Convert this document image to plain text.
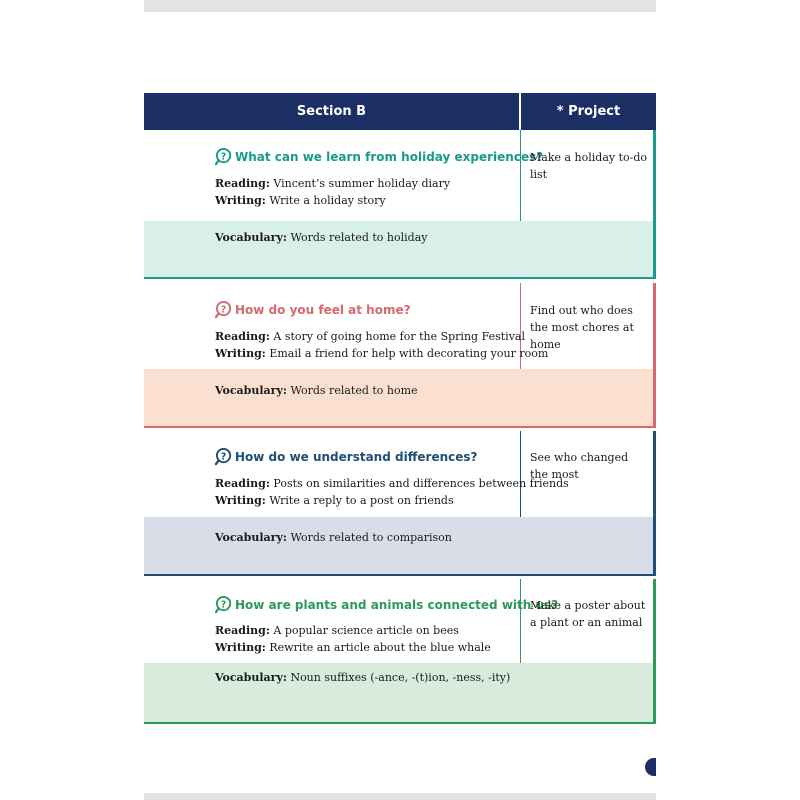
Section B	* Project
? What can we learn from holiday experiences?
Reading: Vincent’s summer holiday diary
Writing: Write a holiday story
Vocabulary: Words related to holiday
Make a holiday to-do list
? How do you feel at home?
Reading: A story of going home for the Spring Festival
Writing: Email a friend for help with decorating your room
Vocabulary: Words related to home
Find out who does the most chores at home
? How do we understand differences?
Reading: Posts on similarities and differences between friends
Writing: Write a reply to a post on friends
Vocabulary: Words related to comparison
See who changed the most
? How are plants and animals connected with us?
Reading: A popular science article on bees
Writing: Rewrite an article about the blue whale
Vocabulary: Noun suffixes (-ance, -(t)ion, -ness, -ity)
Make a poster about a plant or an animal
